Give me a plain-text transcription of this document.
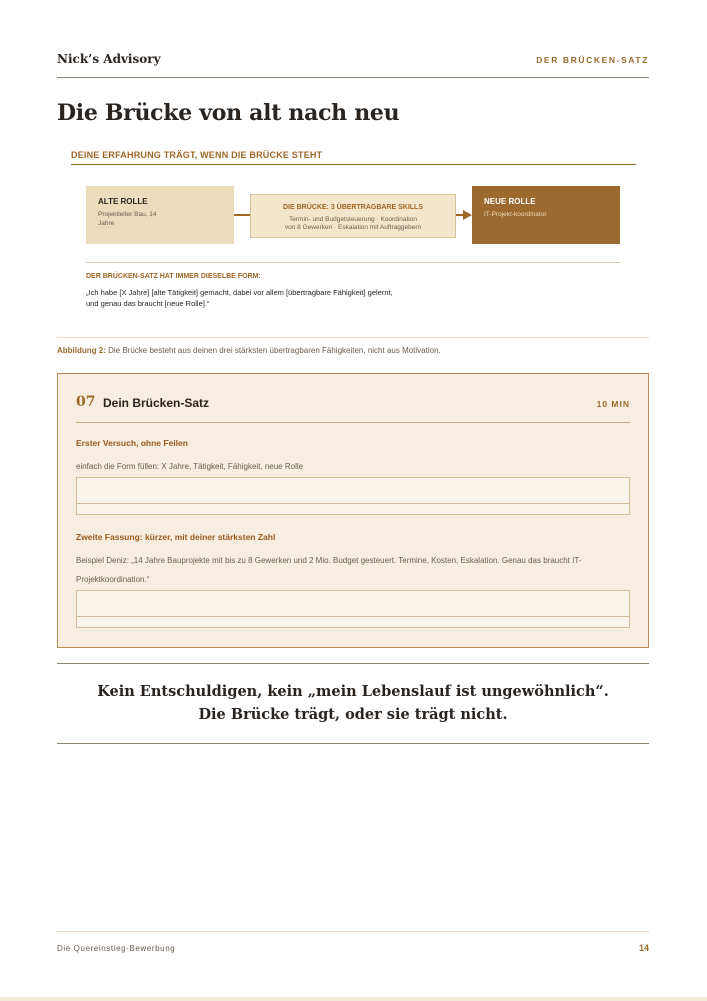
Nick’s Advisory	DER BRÜCKEN-SATZ
Die Brücke von alt nach neu
DEINE ERFAHRUNG TRÄGT, WENN DIE BRÜCKE STEHT
ALTE ROLLE
Projektleiter Bau, 14 Jahre
DIE BRÜCKE: 3 ÜBERTRAGBARE SKILLS
Termin- und Budgetsteuerung · Koordination
von 8 Gewerken · Eskalation mit Auftraggebern
NEUE ROLLE
IT-Projekt-koordinator
DER BRÜCKEN-SATZ HAT IMMER DIESELBE FORM:
„Ich habe [X Jahre] [alte Tätigkeit] gemacht, dabei vor allem [übertragbare Fähigkeit] gelernt,
und genau das braucht [neue Rolle].“
Abbildung 2: Die Brücke besteht aus deinen drei stärksten übertragbaren Fähigkeiten, nicht aus Motivation.
07 Dein Brücken-Satz	10 MIN
Erster Versuch, ohne Feilen
einfach die Form füllen: X Jahre, Tätigkeit, Fähigkeit, neue Rolle
Zweite Fassung: kürzer, mit deiner stärksten Zahl
Beispiel Deniz: „14 Jahre Bauprojekte mit bis zu 8 Gewerken und 2 Mio. Budget gesteuert. Termine, Kosten, Eskalation. Genau das braucht IT-Projektkoordination.“
Kein Entschuldigen, kein „mein Lebenslauf ist ungewöhnlich“.
Die Brücke trägt, oder sie trägt nicht.
Die Quereinstieg-Bewerbung	14
